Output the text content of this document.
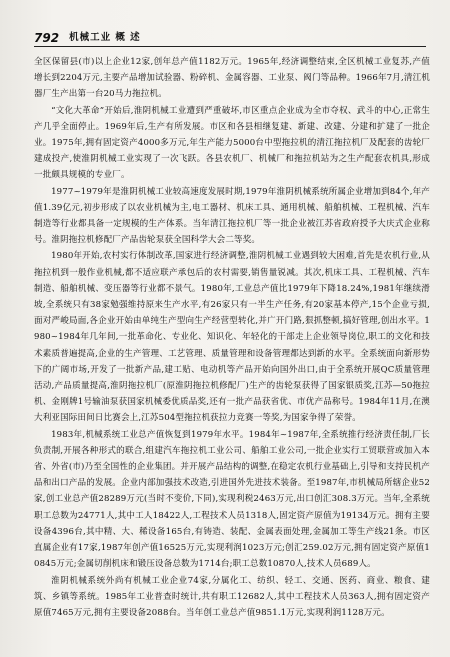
792 机械工业 概 述

全区保留县(市)以上企业12家,创年总产值1182万元。1965年,经济调整结束,全区机械工业复苏,产值增长到2204万元,主要产品增加试验器、粉碎机、金属容器、工业泵、阀门等品种。1966年7月,清江机器厂生产出第一台20马力拖拉机。

“文化大革命”开始后,淮阴机械工业遭到严重破坏,市区重点企业成为全市夺权、武斗的中心,正常生产几乎全面停止。1969年后,生产有所发展。市区和各县相继复建、新建、改建、分建和扩建了一批企业。1975年,拥有固定资产4000多万元,年生产能力5000台中型拖拉机的清江拖拉机厂及配套的齿轮厂建成投产,使淮阴机械工业实现了一次飞跃。各县农机厂、机械厂和拖拉机站为之生产配套农机具,形成一批颇具规模的专业厂。

1977~1979年是淮阴机械工业较高速度发展时期,1979年淮阴机械系统所属企业增加到84个,年产值1.39亿元,初步形成了以农业机械为主,电工器材、机床工具、通用机械、船舶机械、工程机械、汽车制造等行业都具备一定规模的生产体系。当年清江拖拉机厂等一批企业被江苏省政府授予大庆式企业称号。淮阴拖拉机修配厂产品齿轮泵获全国科学大会二等奖。

1980年开始,农村实行体制改革,国家进行经济调整,淮阴机械工业遇到较大困难,首先是农机行业,从拖拉机到一般作业机械,都不适应联产承包后的农村需要,销售量锐减。其次,机床工具、工程机械、汽车制造、船舶机械、变压器等行业都不景气。1980年,工业总产值比1979年下降18.24%,1981年继续滑坡,全系统只有38家勉强维持原来生产水平,有26家只有一半生产任务,有20家基本停产,15个企业亏损,面对严峻局面,各企业开始由单纯生产型向生产经营型转化,并广开门路,狠抓整顿,搞好管理,创出水平。1980~1984年几年间,一批革命化、专业化、知识化、年轻化的干部走上企业领导岗位,职工的文化和技术素质普遍提高,企业的生产管理、工艺管理、质量管理和设备管理都达到新的水平。全系统面向新形势下的广阔市场,开发了一批新产品,建工贴、电动机等产品开始向国外出口,由于全系统开展QC质量管理活动,产品质量提高,淮阴拖拉机厂(原淮阴拖拉机修配厂)生产的齿轮泵获得了国家银质奖,江苏—50拖拉机、金刚牌1号输油泵获国家机械委优质品奖,还有一批产品获省优、市优产品称号。1984年11月,在澳大利亚国际田间日比赛会上,江苏504型拖拉机获拉力竞赛一等奖,为国家争得了荣誉。

1983年,机械系统工业总产值恢复到1979年水平。1984年~1987年,全系统推行经济责任制,厂长负责制,开展各种形式的联合,组建汽车拖拉机工业公司、船舶工业公司,一批企业实行工贸联营或加入本省、外省(市)乃至全国性的企业集团。并开展产品结构的调整,在稳定农机行业基础上,引导和支持民机产品和出口产品的发展。企业内部加强技术改造,引进国外先进技术装备。至1987年,市机械局所辖企业52家,创工业总产值28289万元(当时不变价,下同),实现利税2463万元,出口创汇308.3万元。当年,全系统职工总数为24771人,其中工人18422人,工程技术人员1318人,固定资产原值为19134万元。拥有主要设备4396台,其中精、大、稀设备165台,有铸造、装配、金属表面处理,金属加工等生产线21条。市区直属企业有17家,1987年创产值16525万元,实现利润1023万元;创汇259.02万元,拥有固定资产原值10845万元;金属切削机床和锻压设备总数为1714台;职工总数10870人,技术人员689人。

淮阴机械系统外尚有机械工业企业74家,分属化工、纺织、轻工、交通、医药、商业、粮食、建筑、乡镇等系统。1985年工业普查时统计,共有职工12682人,其中工程技术人员363人,拥有固定资产原值7465万元,拥有主要设备2088台。当年创工业总产值9851.1万元,实现利润1128万元。
